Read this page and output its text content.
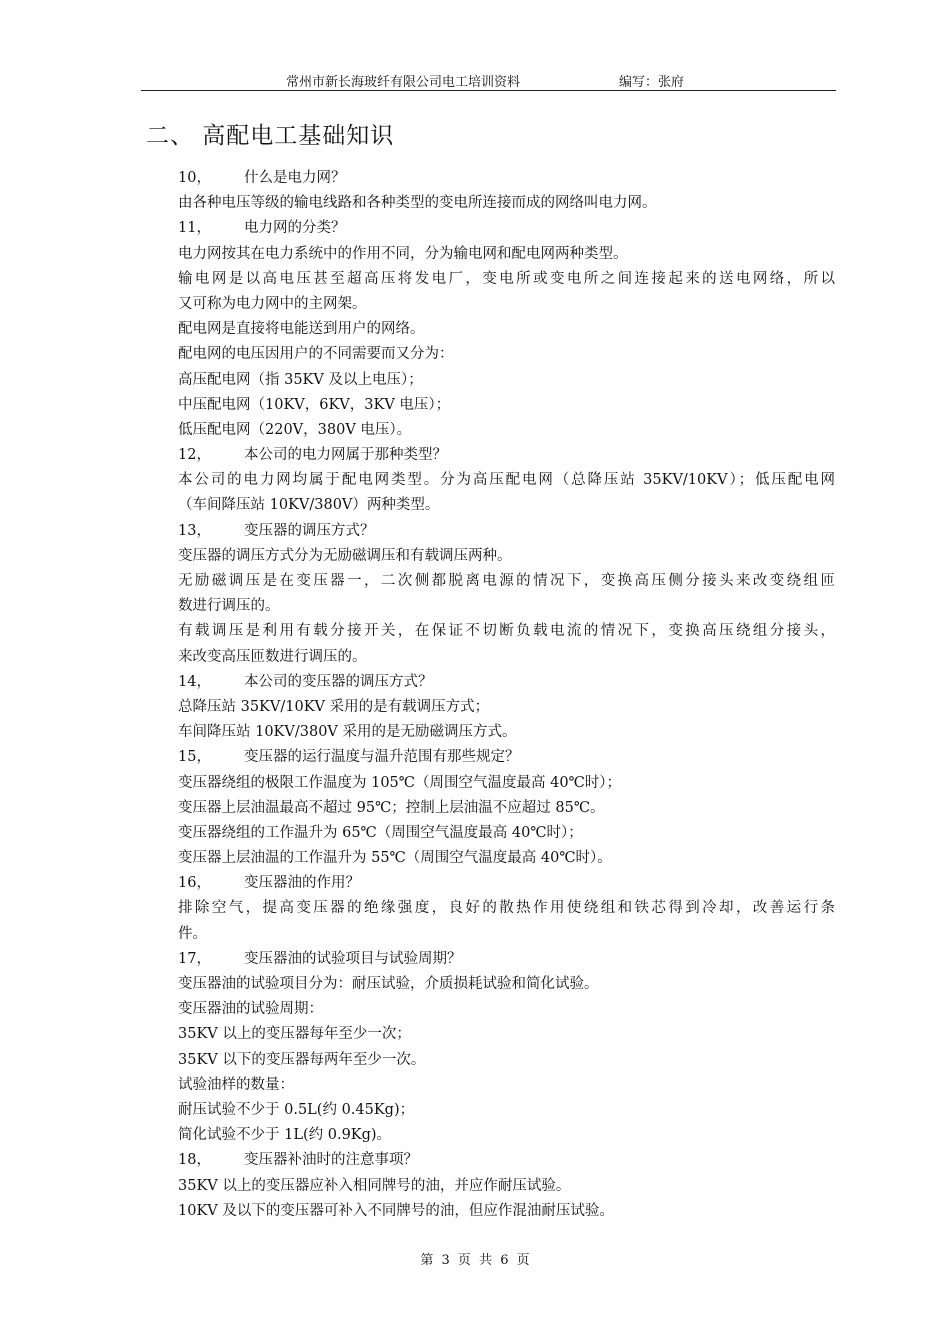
常州市新长海玻纤有限公司电工培训资料	编写：张府
二、 高配电工基础知识
10， 什么是电力网？
由各种电压等级的输电线路和各种类型的变电所连接而成的网络叫电力网。
11， 电力网的分类？
电力网按其在电力系统中的作用不同，分为输电网和配电网两种类型。
输电网是以高电压甚至超高压将发电厂，变电所或变电所之间连接起来的送电网络，所以
又可称为电力网中的主网架。
配电网是直接将电能送到用户的网络。
配电网的电压因用户的不同需要而又分为：
高压配电网（指 35KV 及以上电压）；
中压配电网（10KV，6KV，3KV 电压）；
低压配电网（220V，380V 电压）。
12， 本公司的电力网属于那种类型？
本公司的电力网均属于配电网类型。分为高压配电网（总降压站 35KV/10KV）；低压配电网
（车间降压站 10KV/380V）两种类型。
13， 变压器的调压方式？
变压器的调压方式分为无励磁调压和有载调压两种。
无励磁调压是在变压器一，二次侧都脱离电源的情况下，变换高压侧分接头来改变绕组匝
数进行调压的。
有载调压是利用有载分接开关，在保证不切断负载电流的情况下，变换高压绕组分接头，
来改变高压匝数进行调压的。
14， 本公司的变压器的调压方式？
总降压站 35KV/10KV 采用的是有载调压方式；
车间降压站 10KV/380V 采用的是无励磁调压方式。
15， 变压器的运行温度与温升范围有那些规定？
变压器绕组的极限工作温度为 105℃（周围空气温度最高 40℃时）；
变压器上层油温最高不超过 95℃；控制上层油温不应超过 85℃。
变压器绕组的工作温升为 65℃（周围空气温度最高 40℃时）；
变压器上层油温的工作温升为 55℃（周围空气温度最高 40℃时）。
16， 变压器油的作用？
排除空气，提高变压器的绝缘强度，良好的散热作用使绕组和铁芯得到冷却，改善运行条
件。
17， 变压器油的试验项目与试验周期？
变压器油的试验项目分为：耐压试验，介质损耗试验和简化试验。
变压器油的试验周期：
35KV 以上的变压器每年至少一次；
35KV 以下的变压器每两年至少一次。
试验油样的数量：
耐压试验不少于 0.5L(约 0.45Kg)；
简化试验不少于 1L(约 0.9Kg)。
18， 变压器补油时的注意事项？
35KV 以上的变压器应补入相同牌号的油，并应作耐压试验。
10KV 及以下的变压器可补入不同牌号的油，但应作混油耐压试验。
第 3 页 共 6 页
